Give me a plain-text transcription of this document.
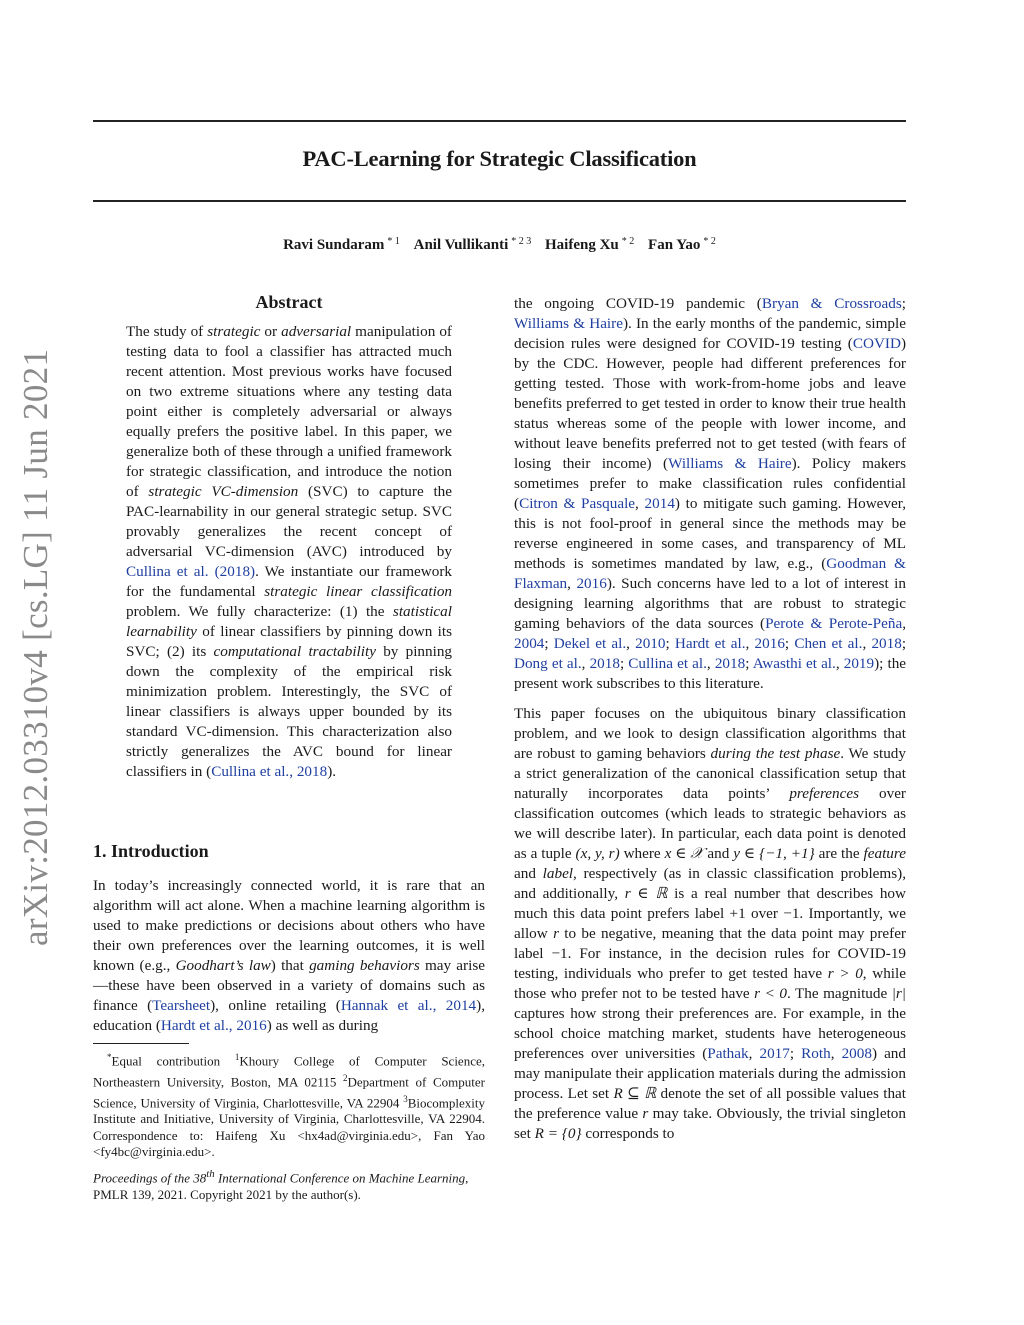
PAC-Learning for Strategic Classification
Ravi Sundaram $^{* 1}$ Anil Vullikanti $^{* 2 3}$ Haifeng Xu $^{* 2}$ Fan Yao $^{* 2}$
arXiv:2012.03310v4 [cs.LG] 11 Jun 2021
Abstract
The study of strategic or adversarial manipulation of testing data to fool a classifier has attracted much recent attention. Most previous works have focused on two extreme situations where any testing data point either is completely adversarial or always equally prefers the positive label. In this paper, we generalize both of these through a unified framework for strategic classification, and introduce the notion of strategic VC-dimension (SVC) to capture the PAC-learnability in our general strategic setup. SVC provably generalizes the recent concept of adversarial VC-dimension (AVC) introduced by Cullina et al. (2018). We instantiate our framework for the fundamental strategic linear classification problem. We fully characterize: (1) the statistical learnability of linear classifiers by pinning down its SVC; (2) its computational tractability by pinning down the complexity of the empirical risk minimization problem. Interestingly, the SVC of linear classifiers is always upper bounded by its standard VC-dimension. This characterization also strictly generalizes the AVC bound for linear classifiers in (Cullina et al., 2018).
1. Introduction
In today’s increasingly connected world, it is rare that an algorithm will act alone. When a machine learning algorithm is used to make predictions or decisions about others who have their own preferences over the learning outcomes, it is well known (e.g., Goodhart’s law) that gaming behaviors may arise—these have been observed in a variety of domains such as finance (Tearsheet), online retailing (Hannak et al., 2014), education (Hardt et al., 2016) as well as during
*Equal contribution $^1$Khoury College of Computer Science, Northeastern University, Boston, MA 02115 $^2$Department of Computer Science, University of Virginia, Charlottesville, VA 22904 $^3$Biocomplexity Institute and Initiative, University of Virginia, Charlottesville, VA 22904. Correspondence to: Haifeng Xu <hx4ad@virginia.edu>, Fan Yao <fy4bc@virginia.edu>.
Proceedings of the 38th International Conference on Machine Learning, PMLR 139, 2021. Copyright 2021 by the author(s).

the ongoing COVID-19 pandemic (Bryan & Crossroads; Williams & Haire). In the early months of the pandemic, simple decision rules were designed for COVID-19 testing (COVID) by the CDC. However, people had different preferences for getting tested. Those with work-from-home jobs and leave benefits preferred to get tested in order to know their true health status whereas some of the people with lower income, and without leave benefits preferred not to get tested (with fears of losing their income) (Williams & Haire). Policy makers sometimes prefer to make classification rules confidential (Citron & Pasquale, 2014) to mitigate such gaming. However, this is not fool-proof in general since the methods may be reverse engineered in some cases, and transparency of ML methods is sometimes mandated by law, e.g., (Goodman & Flaxman, 2016). Such concerns have led to a lot of interest in designing learning algorithms that are robust to strategic gaming behaviors of the data sources (Perote & Perote-Peña, 2004; Dekel et al., 2010; Hardt et al., 2016; Chen et al., 2018; Dong et al., 2018; Cullina et al., 2018; Awasthi et al., 2019); the present work subscribes to this literature.

This paper focuses on the ubiquitous binary classification problem, and we look to design classification algorithms that are robust to gaming behaviors during the test phase. We study a strict generalization of the canonical classification setup that naturally incorporates data points’ preferences over classification outcomes (which leads to strategic behaviors as we will describe later). In particular, each data point is denoted as a tuple (x, y, r) where x ∈ 𝒳 and y ∈ {−1, +1} are the feature and label, respectively (as in classic classification problems), and additionally, r ∈ ℝ is a real number that describes how much this data point prefers label +1 over −1. Importantly, we allow r to be negative, meaning that the data point may prefer label −1. For instance, in the decision rules for COVID-19 testing, individuals who prefer to get tested have r > 0, while those who prefer not to be tested have r < 0. The magnitude |r| captures how strong their preferences are. For example, in the school choice matching market, students have heterogeneous preferences over universities (Pathak, 2017; Roth, 2008) and may manipulate their application materials during the admission process. Let set R ⊆ ℝ denote the set of all possible values that the preference value r may take. Obviously, the trivial singleton set R = {0} corresponds to
